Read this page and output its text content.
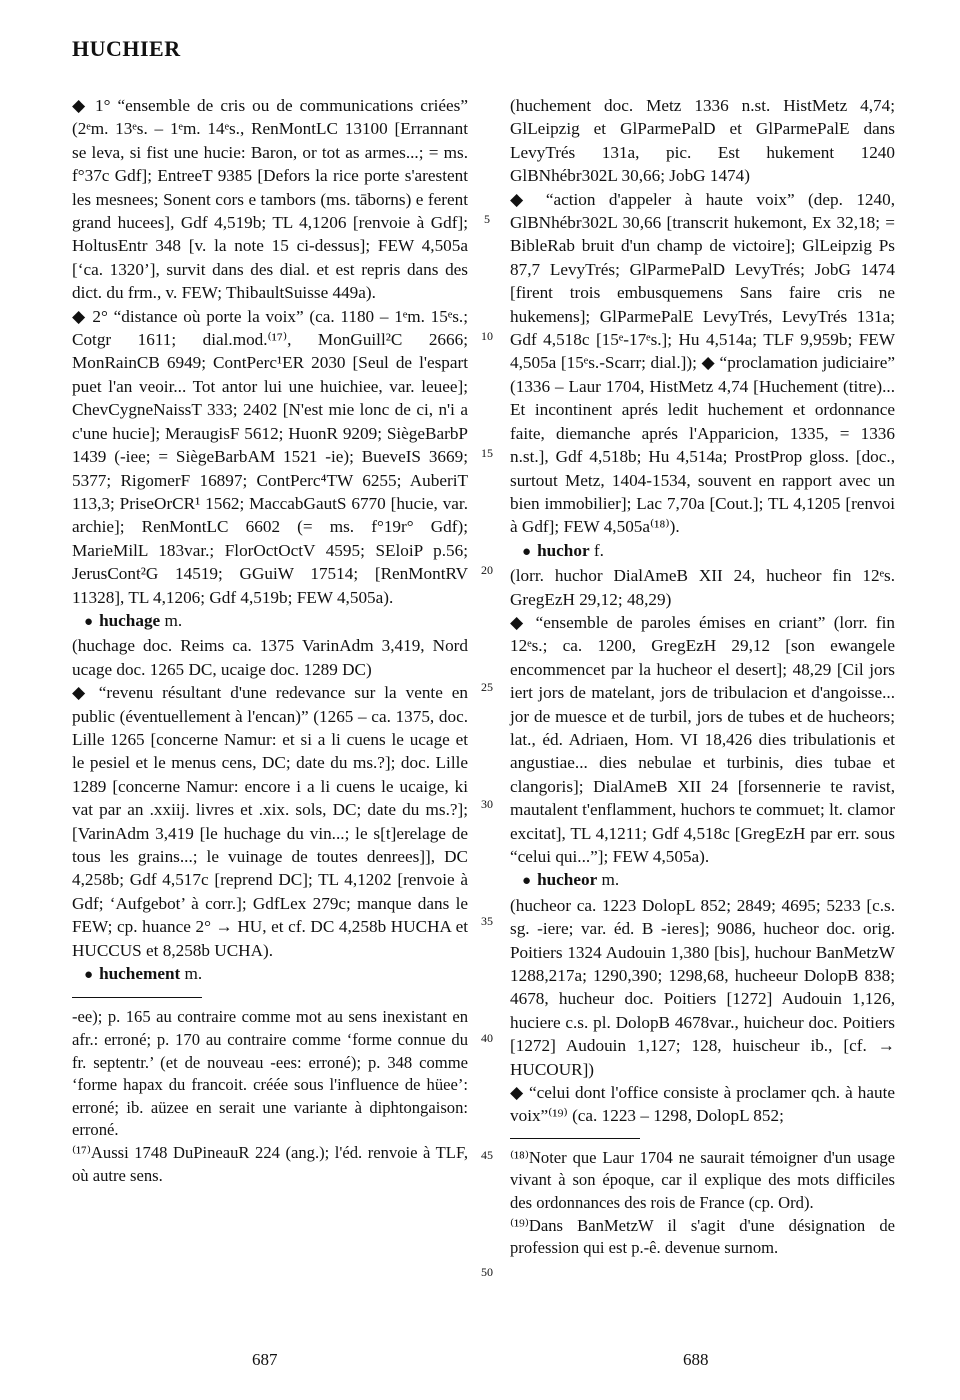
HUCHIER

◆ 1° “ensemble de cris ou de communications criées” (2ᵉm. 13ᵉs. – 1ᵉm. 14ᵉs., RenMontLC 13100 [Errannant se leva, si fist une hucie: Baron, or tot as armes...; = ms. f°37c Gdf]; EntreeT 9385 [Defors la rice porte s'arestent les mesnees; Sonent cors e tambors (ms. tāborns) e ferent grand hucees], Gdf 4,519b; TL 4,1206 [renvoie à Gdf]; HoltusEntr 348 [v. la note 15 ci-dessus]; FEW 4,505a [‘ca. 1320’], survit dans des dial. et est repris dans des dict. du frm., v. FEW; ThibaultSuisse 449a).

◆ 2° “distance où porte la voix” (ca. 1180 – 1ᵉm. 15ᵉs.; Cotgr 1611; dial.mod.⁽¹⁷⁾, MonGuill²C 2666; MonRainCB 6949; ContPerc¹ER 2030 [Seul de l'espart puet l'an veoir... Tot antor lui une huichiee, var. leuee]; ChevCygneNaissT 333; 2402 [N'est mie lonc de ci, n'i a c'une hucie]; MeraugisF 5612; HuonR 9209; SiègeBarbP 1439 (-iee; = SiègeBarbAM 1521 -ie); BueveIS 3669; 5377; RigomerF 16897; ContPerc⁴TW 6255; AuberiT 113,3; PriseOrCR¹ 1562; MaccabGautS 6770 [hucie, var. archie]; RenMontLC 6602 (= ms. f°19r° Gdf); MarieMilL 183var.; FlorOctOctV 4595; SEloiP p.56; JerusCont²G 14519; GGuiW 17514; [RenMontRV 11328], TL 4,1206; Gdf 4,519b; FEW 4,505a).

● huchage m.

(huchage doc. Reims ca. 1375 VarinAdm 3,419, Nord ucage doc. 1265 DC, ucaige doc. 1289 DC)

◆ “revenu résultant d'une redevance sur la vente en public (éventuellement à l'encan)” (1265 – ca. 1375, doc. Lille 1265 [concerne Namur: et si a li cuens le ucage et le pesiel et le menus cens, DC; date du ms.?]; doc. Lille 1289 [concerne Namur: encore i a li cuens le ucaige, ki vat par an .xxiij. livres et .xix. sols, DC; date du ms.?]; [VarinAdm 3,419 [le huchage du vin...; le s[t]erelage de tous les grains...; le vuinage de toutes denrees]], DC 4,258b; Gdf 4,517c [reprend DC]; TL 4,1202 [renvoie à Gdf; ‘Aufgebot’ à corr.]; GdfLex 279c; manque dans le FEW; cp. huance 2° → HU, et cf. DC 4,258b HUCHA et HUCCUS et 8,258b UCHA).

● huchement m.

-ee); p. 165 au contraire comme mot au sens inexistant en afr.: erroné; p. 170 au contraire comme ‘forme connue du fr. septentr.’ (et de nouveau -ees: erroné); p. 348 comme ‘forme hapax du francoit. créée sous l'influence de hüee’: erroné; ib. aüzee en serait une variante à diphtongaison: erroné.

⁽¹⁷⁾Aussi 1748 DuPineauR 224 (ang.); l'éd. renvoie à TLF, où autre sens.

5
10
15
20
25
30
35
40
45
50

(huchement doc. Metz 1336 n.st. HistMetz 4,74; GlLeipzig et GlParmePalD et GlParmePalE dans LevyTrés 131a, pic. Est hukement 1240 GlBNhébr302L 30,66; JobG 1474)

◆ “action d'appeler à haute voix” (dep. 1240, GlBNhébr302L 30,66 [transcrit hukemont, Ex 32,18; = BibleRab bruit d'un champ de victoire]; GlLeipzig Ps 87,7 LevyTrés; GlParmePalD LevyTrés; JobG 1474 [firent trois embusquemens Sans faire cris ne hukemens]; GlParmePalE LevyTrés, LevyTrés 131a; Gdf 4,518c [15ᵉ-17ᵉs.]; Hu 4,514a; TLF 9,959b; FEW 4,505a [15ᵉs.-Scarr; dial.]); ◆ “proclamation judiciaire” (1336 – Laur 1704, HistMetz 4,74 [Huchement (titre)... Et incontinent aprés ledit huchement et ordonnance faite, diemanche aprés l'Apparicion, 1335, = 1336 n.st.], Gdf 4,518b; Hu 4,514a; ProstProp gloss. [doc., surtout Metz, 1404-1534, souvent en rapport avec un bien immobilier]; Lac 7,70a [Cout.]; TL 4,1205 [renvoi à Gdf]; FEW 4,505a⁽¹⁸⁾).

● huchor f.

(lorr. huchor DialAmeB XII 24, hucheor fin 12ᵉs. GregEzH 29,12; 48,29)

◆ “ensemble de paroles émises en criant” (lorr. fin 12ᵉs.; ca. 1200, GregEzH 29,12 [son ewangele encommencet par la hucheor el desert]; 48,29 [Cil jors iert jors de matelant, jors de tribulacion et d'angoisse... jor de muesce et de turbil, jors de tubes et de hucheors; lat., éd. Adriaen, Hom. VI 18,426 dies tribulationis et angustiae... dies nebulae et turbinis, dies tubae et clangoris]; DialAmeB XII 24 [forsennerie te ravist, mautalent t'enflamment, huchors te commuet; lt. clamor excitat], TL 4,1211; Gdf 4,518c [GregEzH par err. sous “celui qui...”]; FEW 4,505a).

● hucheor m.

(hucheor ca. 1223 DolopL 852; 2849; 4695; 5233 [c.s. sg. -iere; var. éd. B -ieres]; 9086, hucheor doc. orig. Poitiers 1324 Audouin 1,380 [bis], huchour BanMetzW 1288,217a; 1290,390; 1298,68, hucheeur DolopB 838; 4678, hucheur doc. Poitiers [1272] Audouin 1,126, huciere c.s. pl. DolopB 4678var., huicheur doc. Poitiers [1272] Audouin 1,127; 128, huischeur ib., [cf. → HUCOUR])

◆ “celui dont l'office consiste à proclamer qch. à haute voix”⁽¹⁹⁾ (ca. 1223 – 1298, DolopL 852;

⁽¹⁸⁾Noter que Laur 1704 ne saurait témoigner d'un usage vivant à son époque, car il explique des mots difficiles des ordonnances des rois de France (cp. Ord).

⁽¹⁹⁾Dans BanMetzW il s'agit d'une désignation de profession qui est p.-ê. devenue surnom.

687	688
